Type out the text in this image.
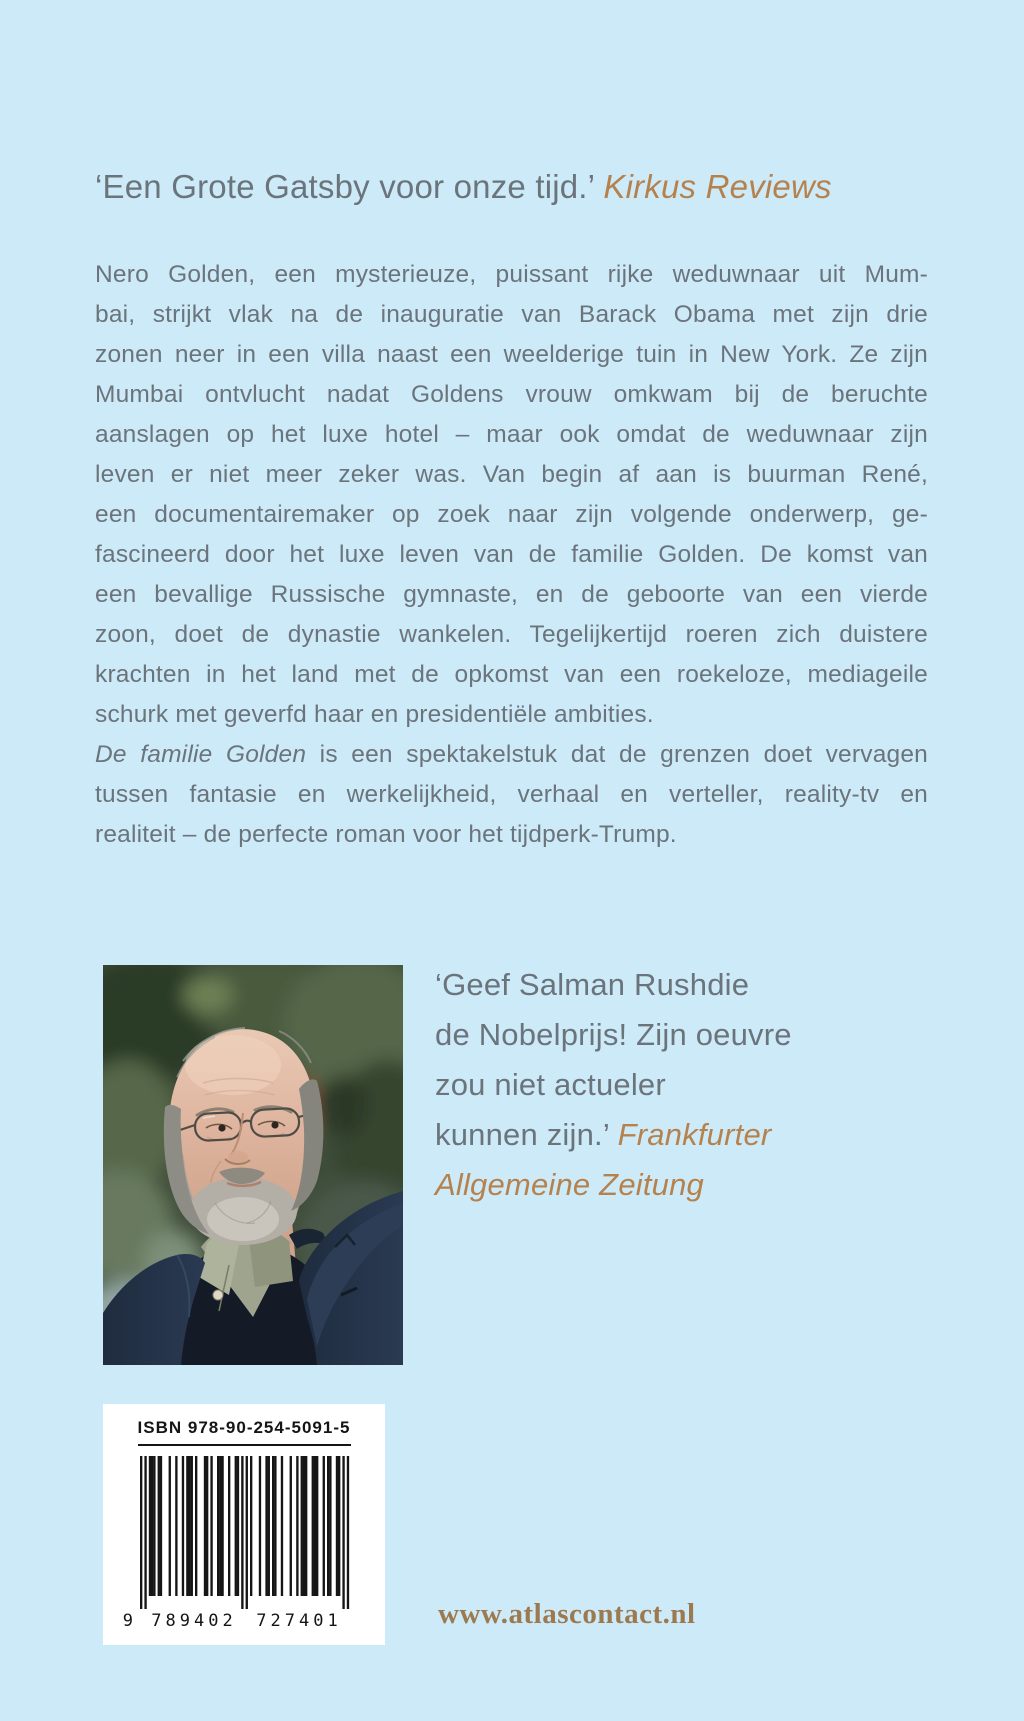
‘Een Grote Gatsby voor onze tijd.’ Kirkus Reviews
Nero Golden, een mysterieuze, puissant rijke weduwnaar uit Mum-
bai, strijkt vlak na de inauguratie van Barack Obama met zijn drie
zonen neer in een villa naast een weelderige tuin in New York. Ze zijn
Mumbai ontvlucht nadat Goldens vrouw omkwam bij de beruchte
aanslagen op het luxe hotel – maar ook omdat de weduwnaar zijn
leven er niet meer zeker was. Van begin af aan is buurman René,
een documentairemaker op zoek naar zijn volgende onderwerp, ge-
fascineerd door het luxe leven van de familie Golden. De komst van
een bevallige Russische gymnaste, en de geboorte van een vierde
zoon, doet de dynastie wankelen. Tegelijkertijd roeren zich duistere
krachten in het land met de opkomst van een roekeloze, mediageile
schurk met geverfd haar en presidentiële ambities.
De familie Golden is een spektakelstuk dat de grenzen doet vervagen
tussen fantasie en werkelijkheid, verhaal en verteller, reality-tv en
realiteit – de perfecte roman voor het tijdperk-Trump.
‘Geef Salman Rushdie
de Nobelprijs! Zijn oeuvre
zou niet actueler
kunnen zijn.’ Frankfurter
Allgemeine Zeitung
ISBN 978-90-254-5091-5
9 789402 727401	www.atlascontact.nl
